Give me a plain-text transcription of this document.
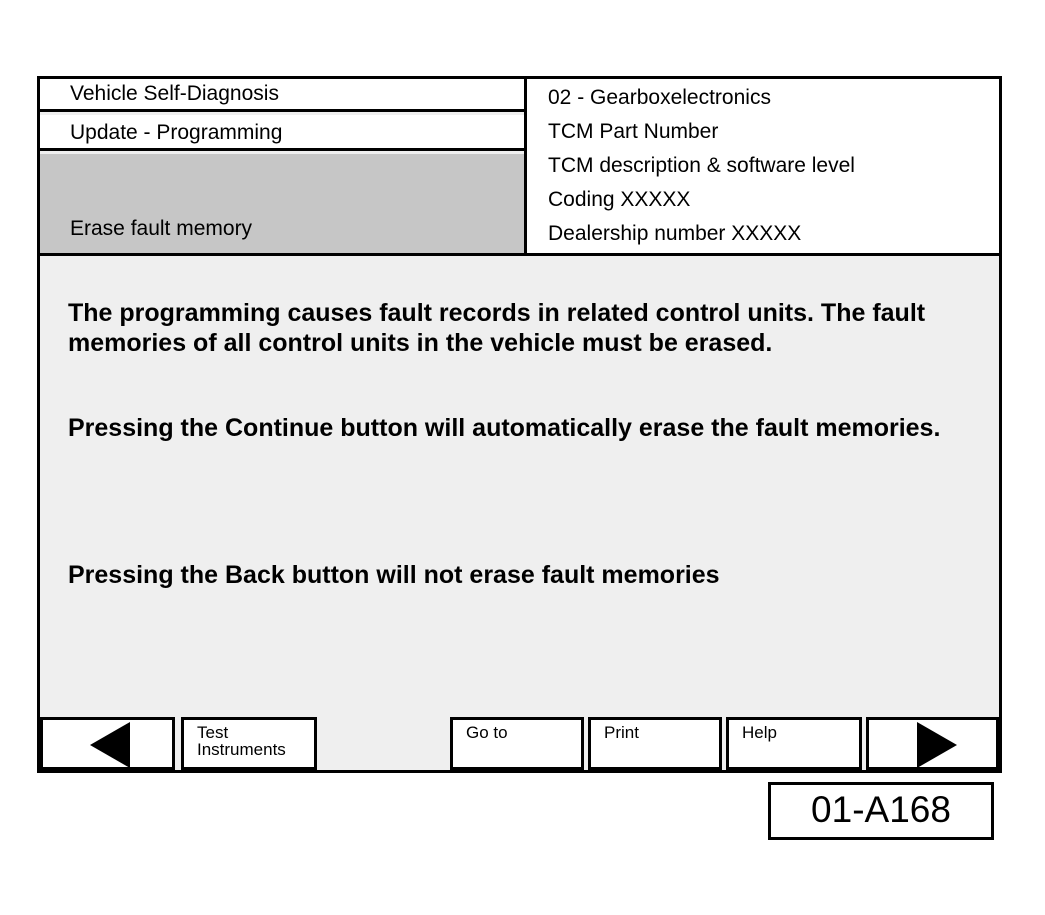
Vehicle Self-Diagnosis
Update - Programming
Erase fault memory
02 - Gearboxelectronics
TCM Part Number
TCM description & software level
Coding XXXXX
Dealership number XXXXX
The programming causes fault records in related control units. The fault memories of all control units in the vehicle must be erased.
Pressing the Continue button will automatically erase the fault memories.
Pressing the Back button will not erase fault memories
Test
Instruments
Go to	Print	Help
01-A168
